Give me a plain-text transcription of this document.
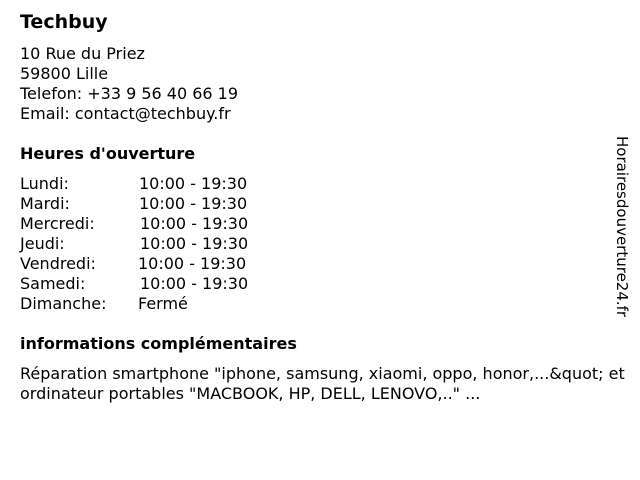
Techbuy
10 Rue du Priez
59800 Lille
Telefon: +33 9 56 40 66 19
Email: contact@techbuy.fr
Heures d'ouverture
Lundi:	10:00 - 19:30
Mardi:	10:00 - 19:30
Mercredi:	10:00 - 19:30
Jeudi:	10:00 - 19:30
Vendredi:	10:00 - 19:30
Samedi:	10:00 - 19:30
Dimanche: Fermé
informations complémentaires
Réparation smartphone "iphone, samsung, xiaomi, oppo, honor,...&quot; et ordinateur portables "MACBOOK, HP, DELL, LENOVO,.." ...
Horairesdouverture24.fr
